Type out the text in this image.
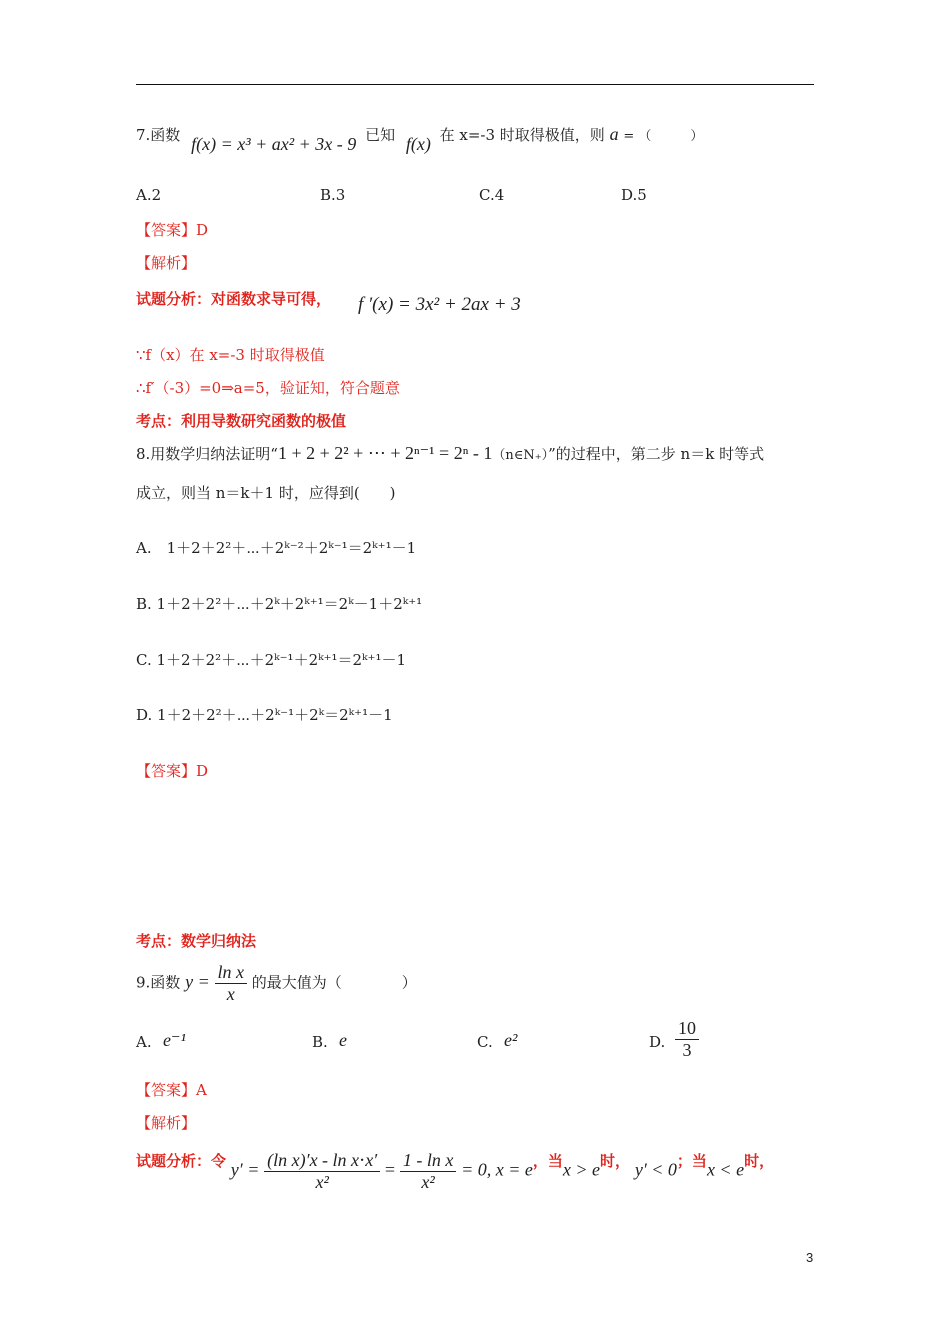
7.函数 f(x) = x³ + ax² + 3x - 9 已知 f(x) 在 x=-3 时取得极值，则 a = （　　　）
A.2	B.3	C.4	D.5
【答案】D
【解析】
试题分析：对函数求导可得， f ′(x) = 3x² + 2ax + 3
∵f（x）在 x=-3 时取得极值
∴f′（-3）=0⇒a=5，验证知，符合题意
考点：利用导数研究函数的极值
8.用数学归纳法证明“1 + 2 + 2² + ⋯ + 2ⁿ⁻¹ = 2ⁿ - 1（n∈N₊）”的过程中，第二步 n＝k 时等式
成立，则当 n＝k＋1 时，应得到(　　)
A.　1＋2＋2²＋⋯＋2ᵏ⁻²＋2ᵏ⁻¹＝2ᵏ⁺¹－1
B. 1＋2＋2²＋⋯＋2ᵏ＋2ᵏ⁺¹＝2ᵏ－1＋2ᵏ⁺¹
C. 1＋2＋2²＋⋯＋2ᵏ⁻¹＋2ᵏ⁺¹＝2ᵏ⁺¹－1
D. 1＋2＋2²＋⋯＋2ᵏ⁻¹＋2ᵏ＝2ᵏ⁺¹－1
【答案】D
考点：数学归纳法
9.函数 $y = \frac{\text{ln x}}{x}$ 的最大值为（　　　　）
A. e⁻¹	B. e	C. e²	D. $\frac{10}{3}$
【答案】A
【解析】
试题分析：令 $y' = \frac{\text{(ln x)′x - ln x⋅x′}}{\text{x²}} = \frac{\text{1 - ln x}}{\text{x²}} = 0$, x = e，当x > e时， y′ < 0；当x < e时，
3
